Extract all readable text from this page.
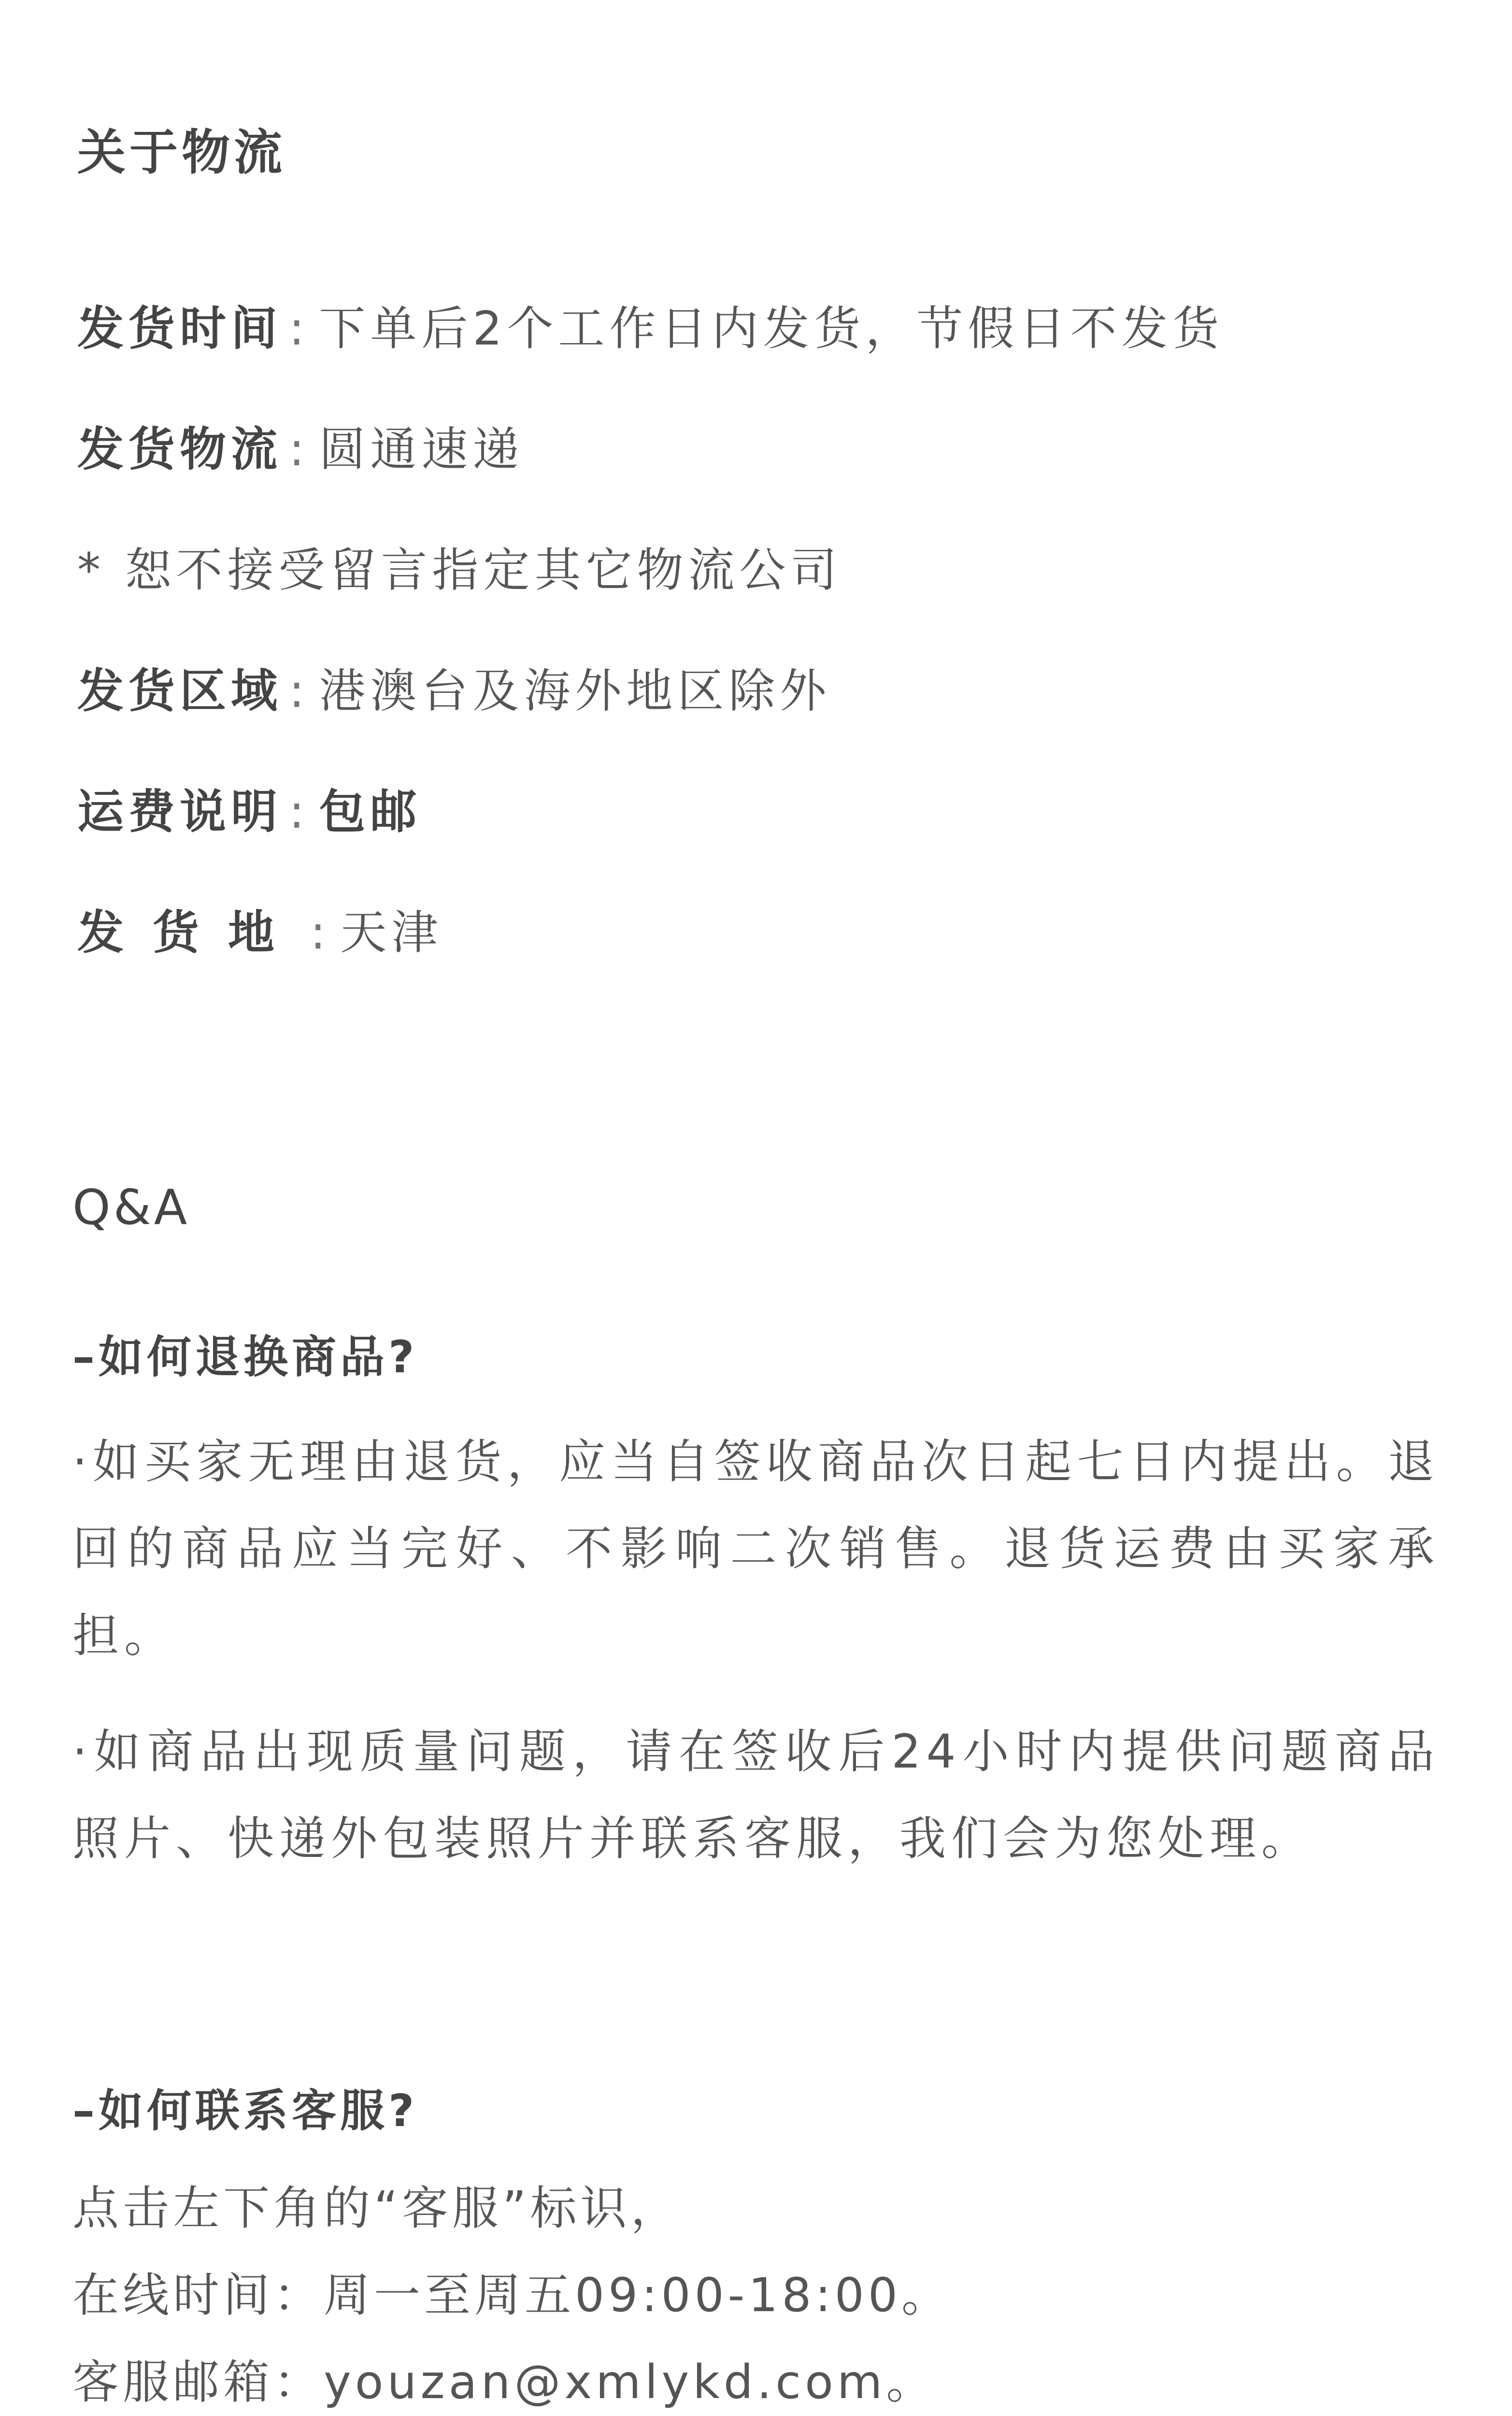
关于物流
发货时间 : 下单后2个工作日内发货，节假日不发货
发货物流 : 圆通速递
* 恕不接受留言指定其它物流公司
发货区域 : 港澳台及海外地区除外
运费说明 : 包邮
发货地 : 天津
Q&A
–如何退换商品?
·如买家无理由退货，应当自签收商品次日起七日内提出。退回的商品应当完好、不影响二次销售。退货运费由买家承担。
·如商品出现质量问题，请在签收后24小时内提供问题商品照片、快递外包装照片并联系客服，我们会为您处理。
–如何联系客服?
点击左下角的“客服”标识，
在线时间：周一至周五09:00-18:00。
客服邮箱：youzan@xmlykd.com。
